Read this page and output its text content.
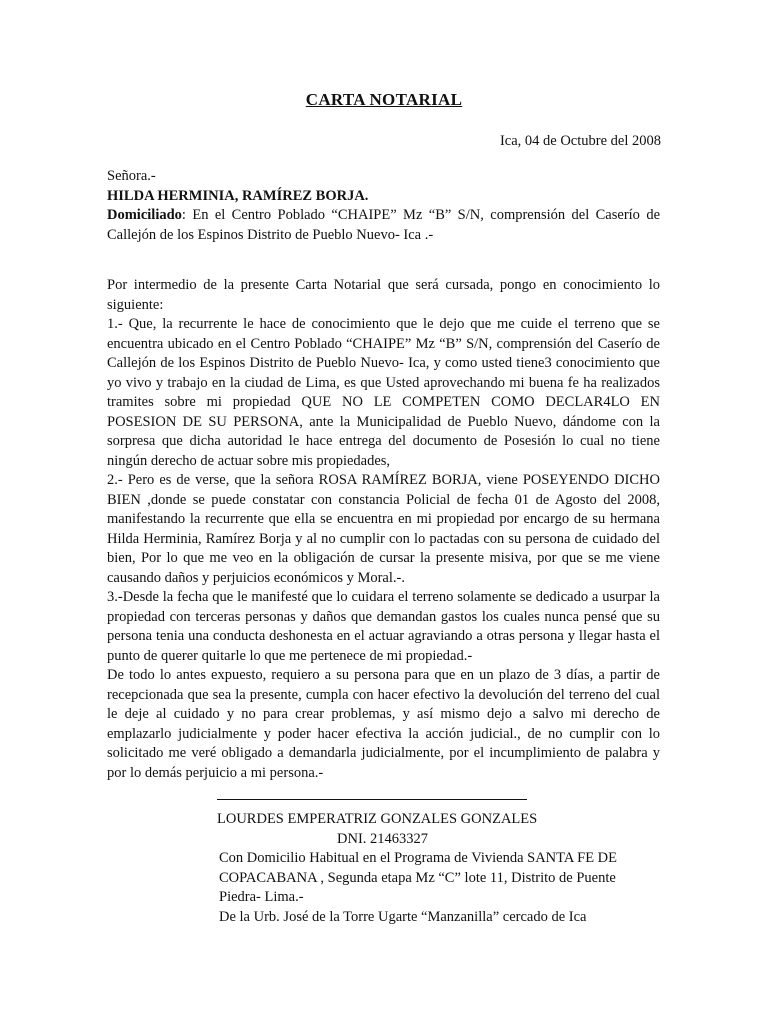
CARTA NOTARIAL
Ica, 04 de Octubre del 2008
Señora.-
HILDA HERMINIA, RAMÍREZ BORJA.

Domiciliado: En el Centro Poblado “CHAIPE” Mz “B” S/N, comprensión del Caserío de Callejón de los Espinos Distrito de Pueblo Nuevo- Ica .-

Por intermedio de la presente Carta Notarial que será cursada, pongo en conocimiento lo siguiente:

1.- Que, la recurrente le hace de conocimiento que le dejo que me cuide el terreno que se encuentra ubicado en el Centro Poblado “CHAIPE” Mz “B” S/N, comprensión del Caserío de Callejón de los Espinos Distrito de Pueblo Nuevo- Ica, y como usted tiene3 conocimiento que yo vivo y trabajo en la ciudad de Lima, es que Usted aprovechando mi buena fe ha realizados tramites sobre mi propiedad QUE NO LE COMPETEN COMO DECLAR4LO EN POSESION DE SU PERSONA, ante la Municipalidad de Pueblo Nuevo, dándome con la sorpresa que dicha autoridad le hace entrega del documento de Posesión lo cual no tiene ningún derecho de actuar sobre mis propiedades,

2.- Pero es de verse, que la señora ROSA RAMÍREZ BORJA, viene POSEYENDO DICHO BIEN ,donde se puede constatar con constancia Policial de fecha 01 de Agosto del 2008, manifestando la recurrente que ella se encuentra en mi propiedad por encargo de su hermana Hilda Herminia, Ramírez Borja y al no cumplir con lo pactadas con su persona de cuidado del bien, Por lo que me veo en la obligación de cursar la presente misiva, por que se me viene causando daños y perjuicios económicos y Moral.-.

3.-Desde la fecha que le manifesté que lo cuidara el terreno solamente se dedicado a usurpar la propiedad con terceras personas y daños que demandan gastos los cuales nunca pensé que su persona tenia una conducta deshonesta en el actuar agraviando a otras persona y llegar hasta el punto de querer quitarle lo que me pertenece de mi propiedad.-

De todo lo antes expuesto, requiero a su persona para que en un plazo de 3 días, a partir de recepcionada que sea la presente, cumpla con hacer efectivo la devolución del terreno del cual le deje al cuidado y no para crear problemas, y así mismo dejo a salvo mi derecho de emplazarlo judicialmente y poder hacer efectiva la acción judicial., de no cumplir con lo solicitado me veré obligado a demandarla judicialmente, por el incumplimiento de palabra y por lo demás perjuicio a mi persona.-

LOURDES EMPERATRIZ GONZALES GONZALES
DNI. 21463327
Con Domicilio Habitual en el Programa de Vivienda SANTA FE DE COPACABANA , Segunda etapa Mz “C” lote 11, Distrito de Puente Piedra- Lima.-
De la Urb. José de la Torre Ugarte “Manzanilla” cercado de Ica
